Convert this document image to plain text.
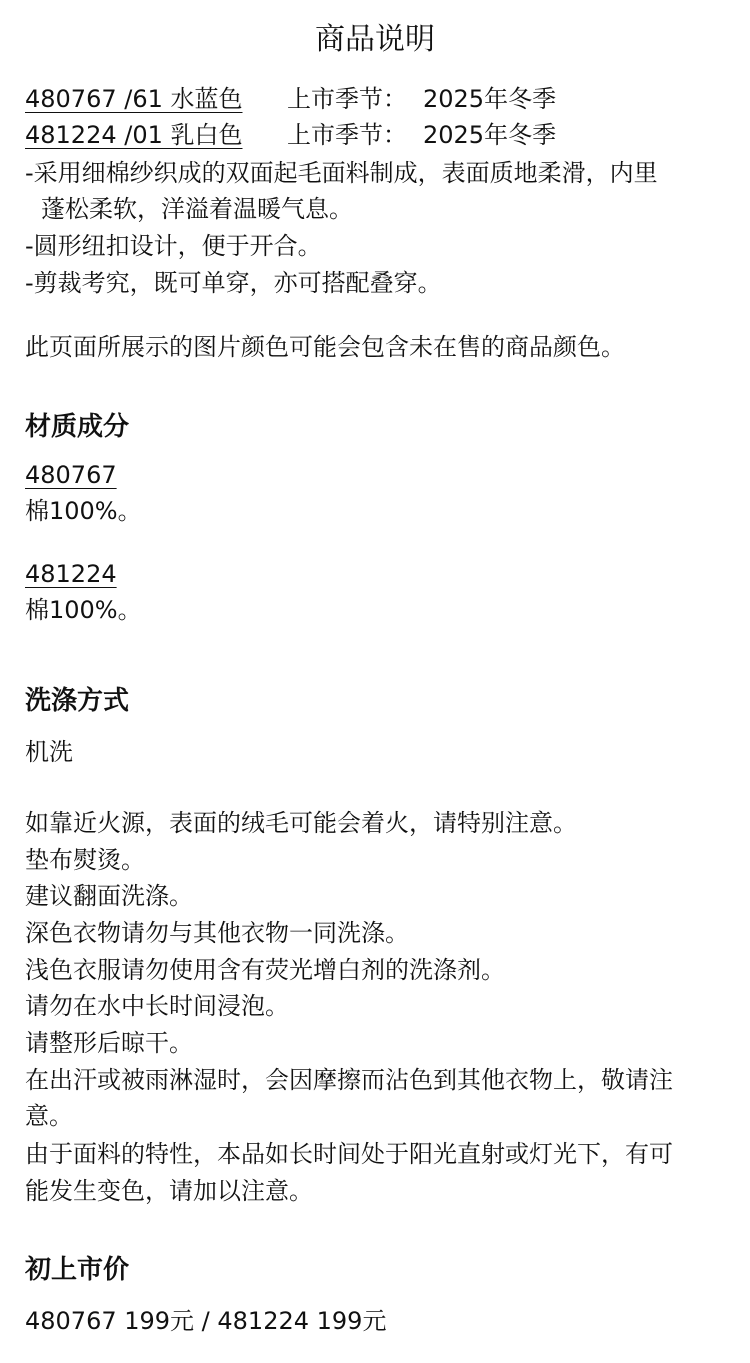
商品说明
480767 /61 水蓝色 上市季节： 2025年冬季
481224 /01 乳白色 上市季节： 2025年冬季
-采用细棉纱织成的双面起毛面料制成，表面质地柔滑，内里
蓬松柔软，洋溢着温暖气息。
-圆形纽扣设计，便于开合。
-剪裁考究，既可单穿，亦可搭配叠穿。
此页面所展示的图片颜色可能会包含未在售的商品颜色。
材质成分
480767
棉100%。
481224
棉100%。
洗涤方式
机洗
如靠近火源，表面的绒毛可能会着火，请特别注意。
垫布熨烫。
建议翻面洗涤。
深色衣物请勿与其他衣物一同洗涤。
浅色衣服请勿使用含有荧光增白剂的洗涤剂。
请勿在水中长时间浸泡。
请整形后晾干。
在出汗或被雨淋湿时，会因摩擦而沾色到其他衣物上，敬请注
意。
由于面料的特性，本品如长时间处于阳光直射或灯光下，有可
能发生变色，请加以注意。
初上市价
480767 199元 / 481224 199元
